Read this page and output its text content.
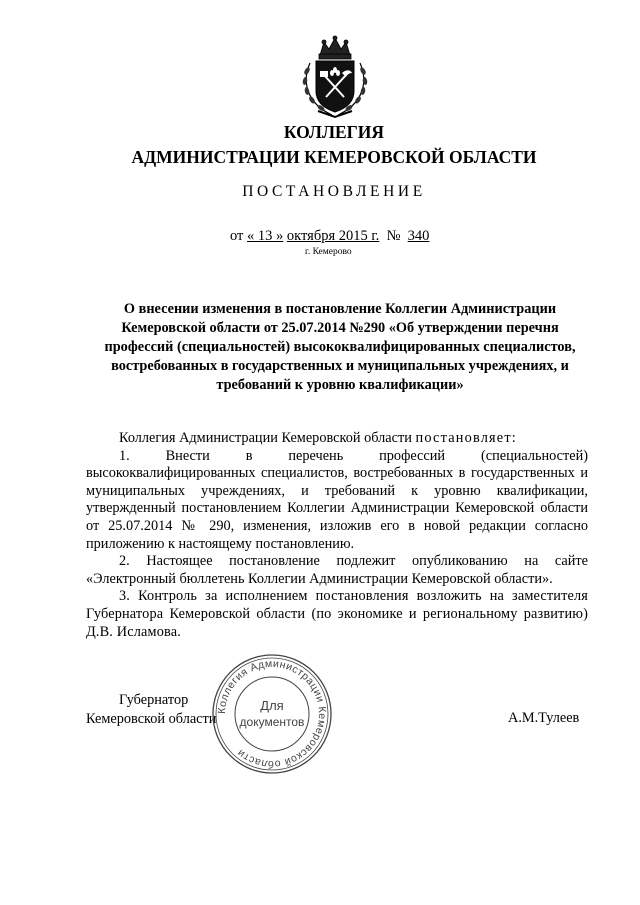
КОЛЛЕГИЯ
АДМИНИСТРАЦИИ КЕМЕРОВСКОЙ ОБЛАСТИ
ПОСТАНОВЛЕНИЕ
от « 13 » октября 2015 г. № 340
г. Кемерово
О внесении изменения в постановление Коллегии Администрации Кемеровской области от 25.07.2014 №290 «Об утверждении перечня профессий (специальностей) высококвалифицированных специалистов, востребованных в государственных и муниципальных учреждениях, и требований к уровню квалификации»

Коллегия Администрации Кемеровской области постановляет:

1. Внести в перечень профессий (специальностей) высококвалифицированных специалистов, востребованных в государственных и муниципальных учреждениях, и требований к уровню квалификации, утвержденный постановлением Коллегии Администрации Кемеровской области от 25.07.2014 № 290, изменения, изложив его в новой редакции согласно приложению к настоящему постановлению.

2. Настоящее постановление подлежит опубликованию на сайте «Электронный бюллетень Коллегии Администрации Кемеровской области».

3. Контроль за исполнением постановления возложить на заместителя Губернатора Кемеровской области (по экономике и региональному развитию) Д.В. Исламова.

Губернатор
Кемеровской области	А.М.Тулеев
Коллегия Администрации Кемеровской области
Для
документов
